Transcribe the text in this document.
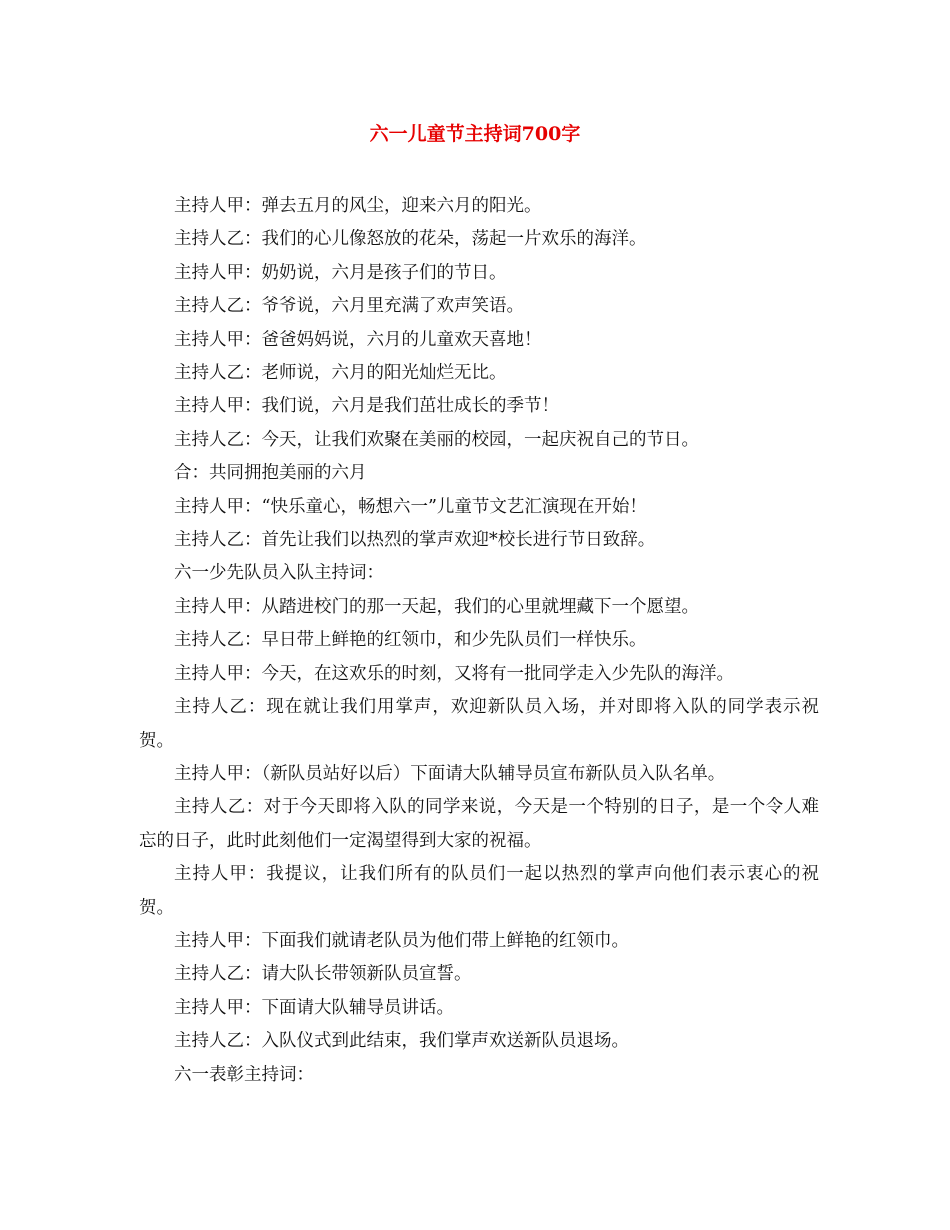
六一儿童节主持词700字

主持人甲：弹去五月的风尘，迎来六月的阳光。

主持人乙：我们的心儿像怒放的花朵，荡起一片欢乐的海洋。

主持人甲：奶奶说，六月是孩子们的节日。

主持人乙：爷爷说，六月里充满了欢声笑语。

主持人甲：爸爸妈妈说，六月的儿童欢天喜地！

主持人乙：老师说，六月的阳光灿烂无比。

主持人甲：我们说，六月是我们茁壮成长的季节！

主持人乙：今天，让我们欢聚在美丽的校园，一起庆祝自己的节日。

合：共同拥抱美丽的六月

主持人甲：“快乐童心，畅想六一”儿童节文艺汇演现在开始！

主持人乙：首先让我们以热烈的掌声欢迎*校长进行节日致辞。

六一少先队员入队主持词：

主持人甲：从踏进校门的那一天起，我们的心里就埋藏下一个愿望。

主持人乙：早日带上鲜艳的红领巾，和少先队员们一样快乐。

主持人甲：今天，在这欢乐的时刻，又将有一批同学走入少先队的海洋。

主持人乙：现在就让我们用掌声，欢迎新队员入场，并对即将入队的同学表示祝贺。

主持人甲：（新队员站好以后）下面请大队辅导员宣布新队员入队名单。

主持人乙：对于今天即将入队的同学来说，今天是一个特别的日子，是一个令人难忘的日子，此时此刻他们一定渴望得到大家的祝福。

主持人甲：我提议，让我们所有的队员们一起以热烈的掌声向他们表示衷心的祝贺。

主持人甲：下面我们就请老队员为他们带上鲜艳的红领巾。

主持人乙：请大队长带领新队员宣誓。

主持人甲：下面请大队辅导员讲话。

主持人乙：入队仪式到此结束，我们掌声欢送新队员退场。

六一表彰主持词：
